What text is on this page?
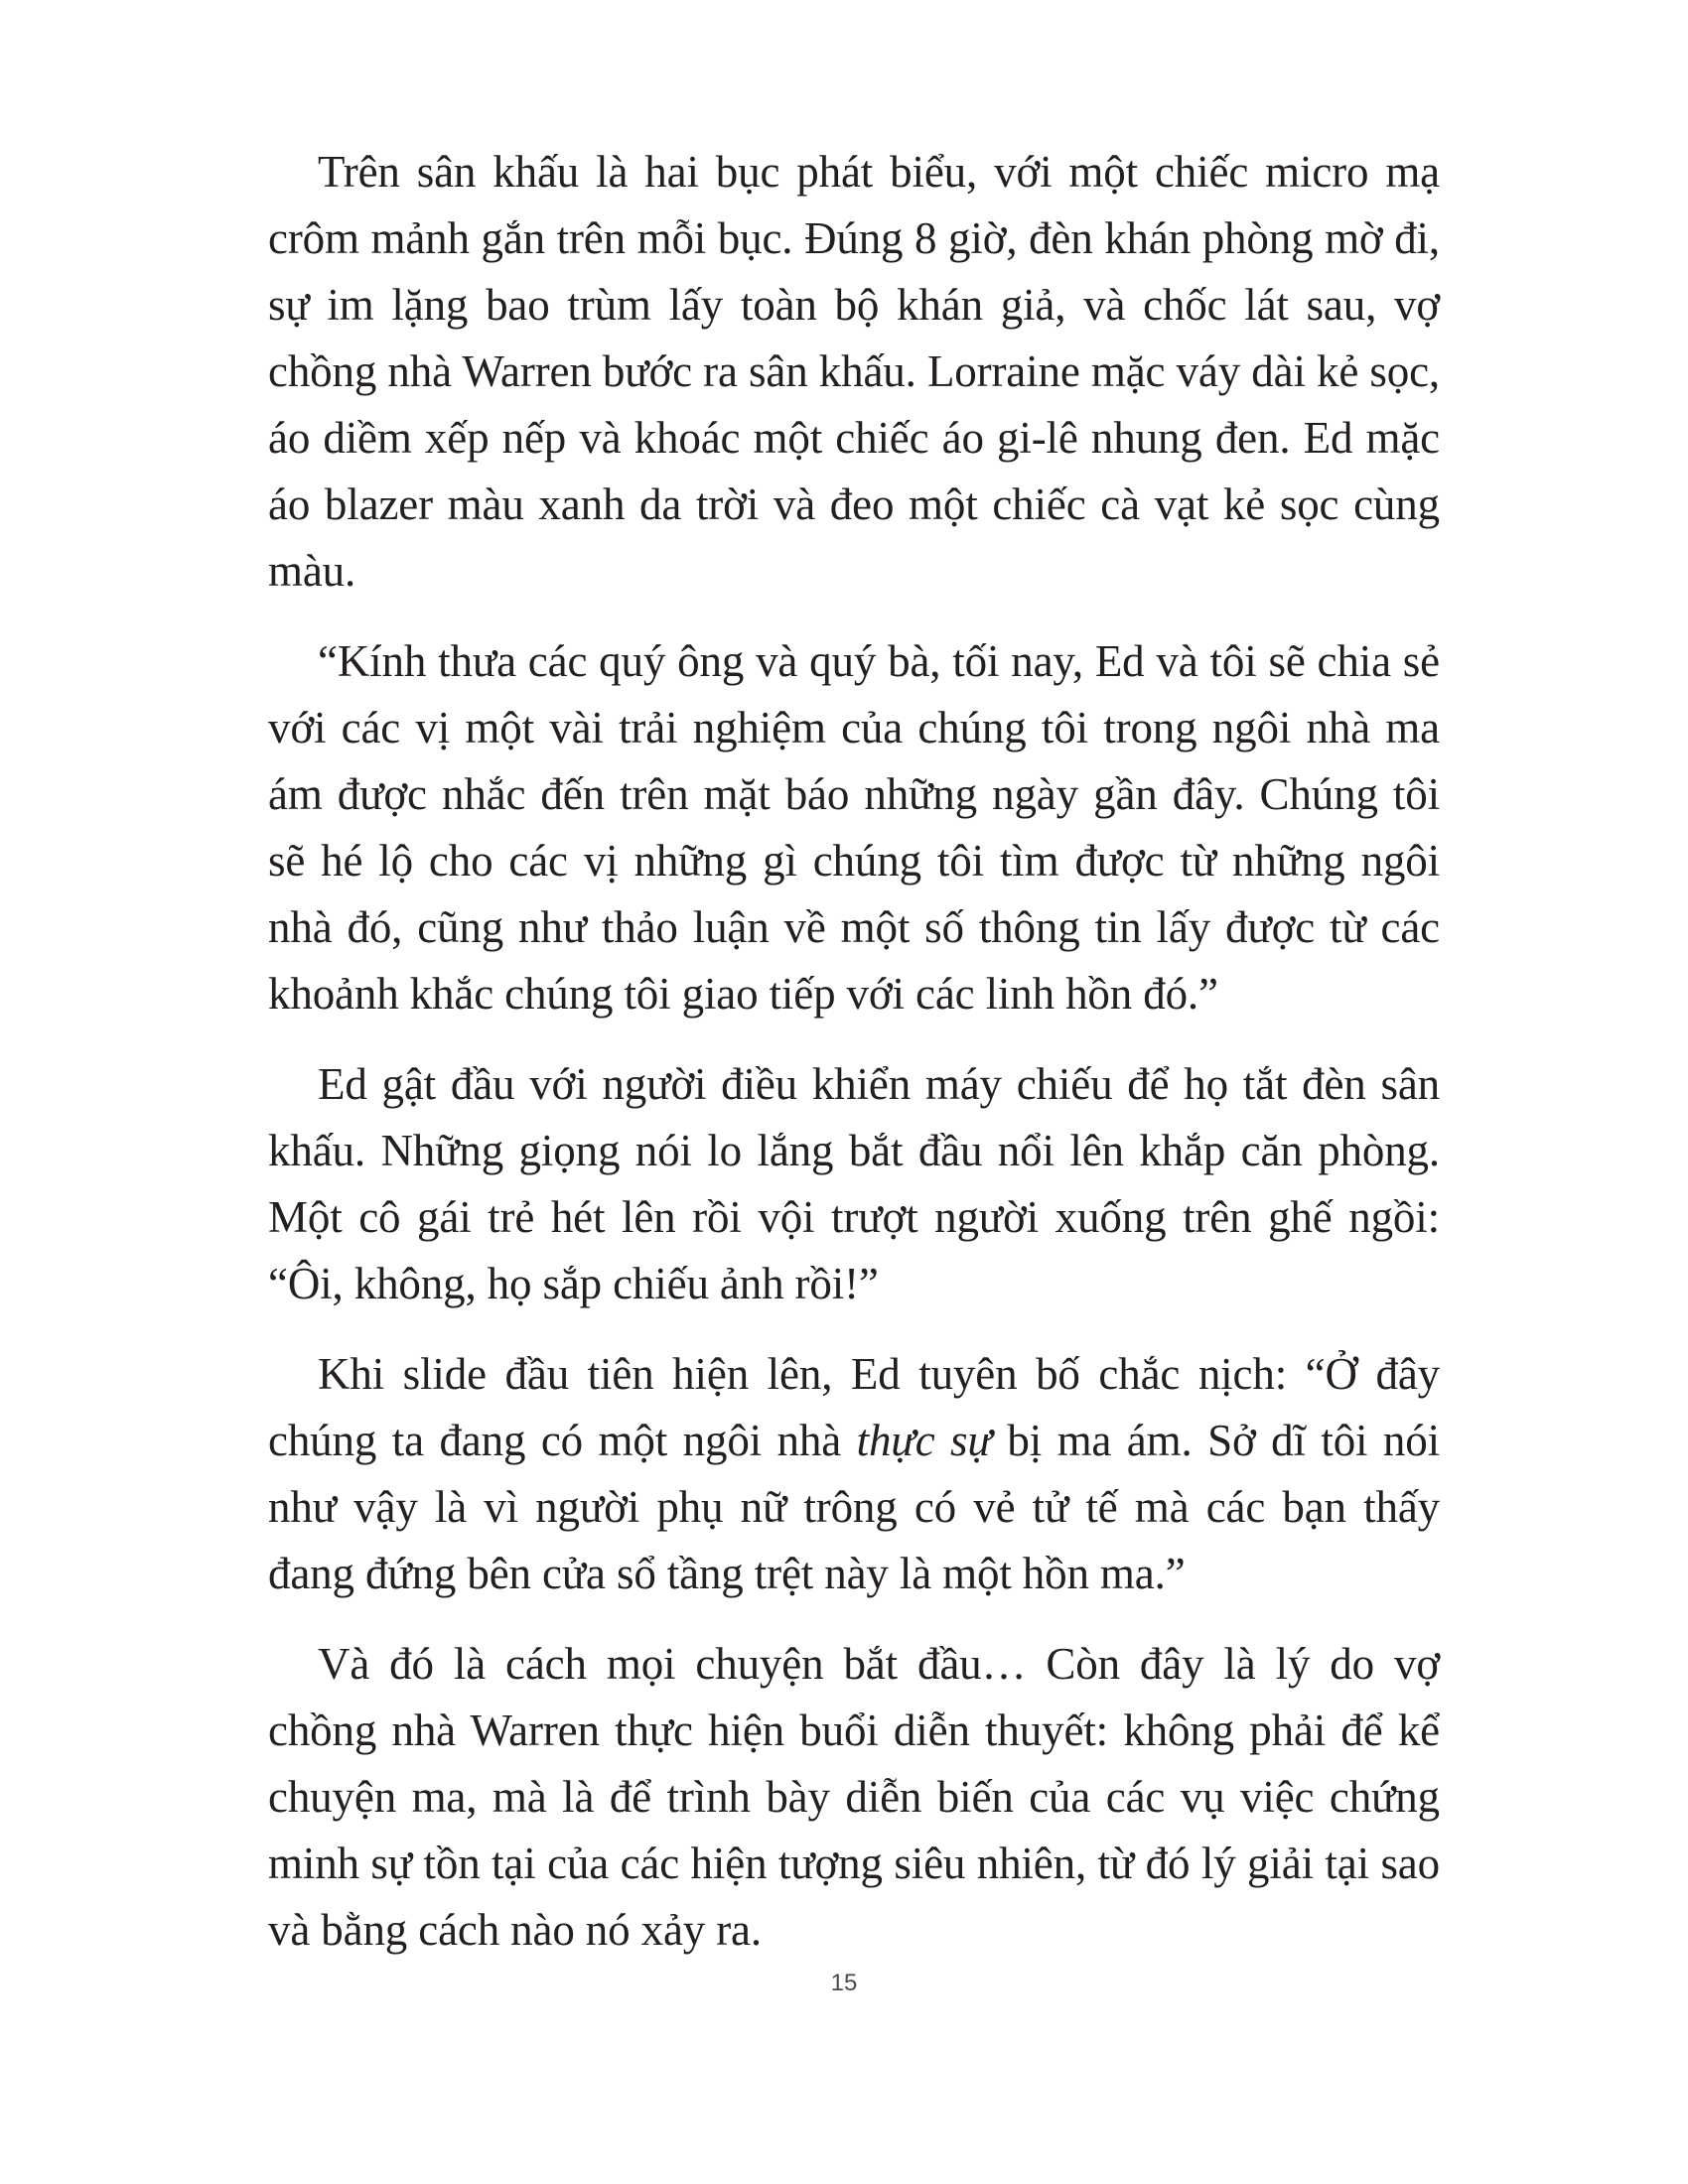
Trên sân khấu là hai bục phát biểu, với một chiếc micro mạ crôm mảnh gắn trên mỗi bục. Đúng 8 giờ, đèn khán phòng mờ đi, sự im lặng bao trùm lấy toàn bộ khán giả, và chốc lát sau, vợ chồng nhà Warren bước ra sân khấu. Lorraine mặc váy dài kẻ sọc, áo diềm xếp nếp và khoác một chiếc áo gi-lê nhung đen. Ed mặc áo blazer màu xanh da trời và đeo một chiếc cà vạt kẻ sọc cùng màu.

“Kính thưa các quý ông và quý bà, tối nay, Ed và tôi sẽ chia sẻ với các vị một vài trải nghiệm của chúng tôi trong ngôi nhà ma ám được nhắc đến trên mặt báo những ngày gần đây. Chúng tôi sẽ hé lộ cho các vị những gì chúng tôi tìm được từ những ngôi nhà đó, cũng như thảo luận về một số thông tin lấy được từ các khoảnh khắc chúng tôi giao tiếp với các linh hồn đó.”

Ed gật đầu với người điều khiển máy chiếu để họ tắt đèn sân khấu. Những giọng nói lo lắng bắt đầu nổi lên khắp căn phòng. Một cô gái trẻ hét lên rồi vội trượt người xuống trên ghế ngồi: “Ôi, không, họ sắp chiếu ảnh rồi!”

Khi slide đầu tiên hiện lên, Ed tuyên bố chắc nịch: “Ở đây chúng ta đang có một ngôi nhà thực sự bị ma ám. Sở dĩ tôi nói như vậy là vì người phụ nữ trông có vẻ tử tế mà các bạn thấy đang đứng bên cửa sổ tầng trệt này là một hồn ma.”

Và đó là cách mọi chuyện bắt đầu… Còn đây là lý do vợ chồng nhà Warren thực hiện buổi diễn thuyết: không phải để kể chuyện ma, mà là để trình bày diễn biến của các vụ việc chứng minh sự tồn tại của các hiện tượng siêu nhiên, từ đó lý giải tại sao và bằng cách nào nó xảy ra.

15
